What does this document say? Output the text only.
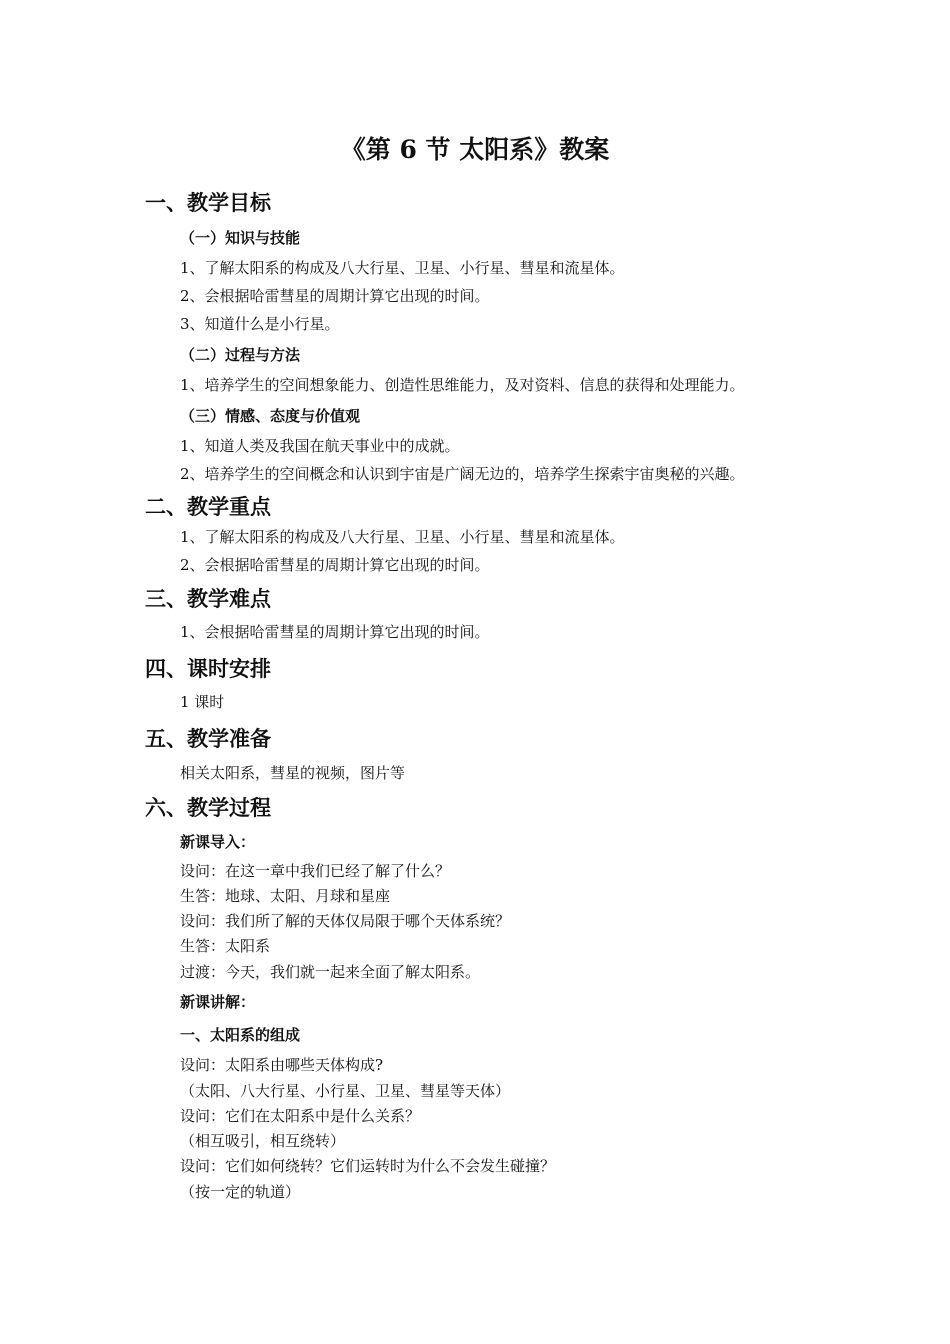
《第 6 节 太阳系》教案
一、教学目标
（一）知识与技能

1、了解太阳系的构成及八大行星、卫星、小行星、彗星和流星体。

2、会根据哈雷彗星的周期计算它出现的时间。

3、知道什么是小行星。

（二）过程与方法

1、培养学生的空间想象能力、创造性思维能力，及对资料、信息的获得和处理能力。

（三）情感、态度与价值观

1、知道人类及我国在航天事业中的成就。

2、培养学生的空间概念和认识到宇宙是广阔无边的，培养学生探索宇宙奥秘的兴趣。

二、教学重点

1、了解太阳系的构成及八大行星、卫星、小行星、彗星和流星体。

2、会根据哈雷彗星的周期计算它出现的时间。

三、教学难点

1、会根据哈雷彗星的周期计算它出现的时间。

四、课时安排

1 课时

五、教学准备

相关太阳系，彗星的视频，图片等

六、教学过程
新课导入：

设问：在这一章中我们已经了解了什么？

生答：地球、太阳、月球和星座

设问：我们所了解的天体仅局限于哪个天体系统？

生答：太阳系

过渡：今天，我们就一起来全面了解太阳系。

新课讲解：
一、太阳系的组成

设问：太阳系由哪些天体构成?

（太阳、八大行星、小行星、卫星、彗星等天体）

设问：它们在太阳系中是什么关系？

（相互吸引，相互绕转）

设问：它们如何绕转？它们运转时为什么不会发生碰撞？

（按一定的轨道）
